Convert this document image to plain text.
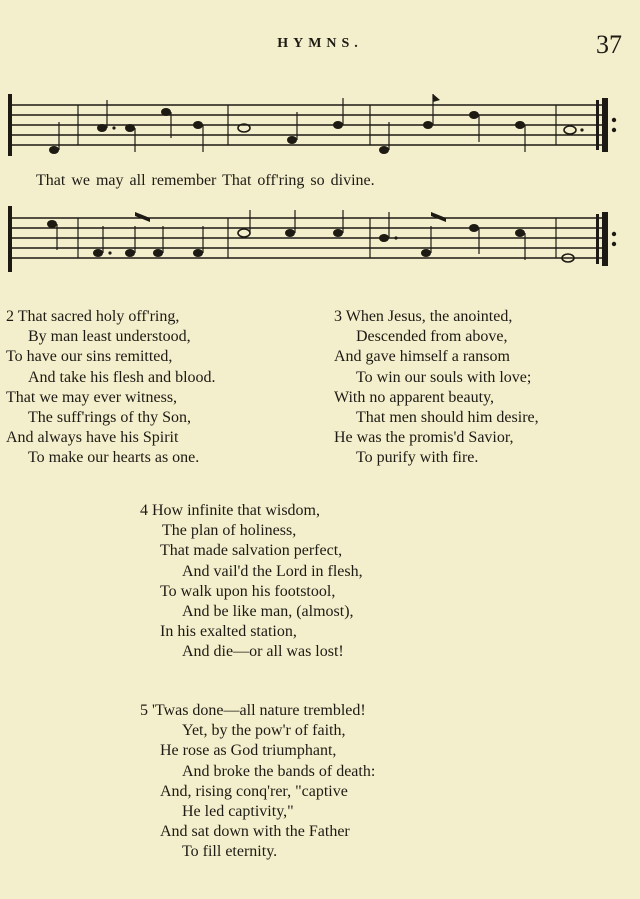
HYMNS.	37
That we may all remember That off'ring so divine.
2 That sacred holy off'ring,
By man least understood,
To have our sins remitted,
And take his flesh and blood.
That we may ever witness,
The suff'rings of thy Son,
And always have his Spirit
To make our hearts as one.
3 When Jesus, the anointed,
Descended from above,
And gave himself a ransom
To win our souls with love;
With no apparent beauty,
That men should him desire,
He was the promis'd Savior,
To purify with fire.
4 How infinite that wisdom,
The plan of holiness,
That made salvation perfect,
And vail'd the Lord in flesh,
To walk upon his footstool,
And be like man, (almost),
In his exalted station,
And die—or all was lost!
5 'Twas done—all nature trembled!
Yet, by the pow'r of faith,
He rose as God triumphant,
And broke the bands of death:
And, rising conq'rer, "captive
He led captivity,"
And sat down with the Father
To fill eternity.
